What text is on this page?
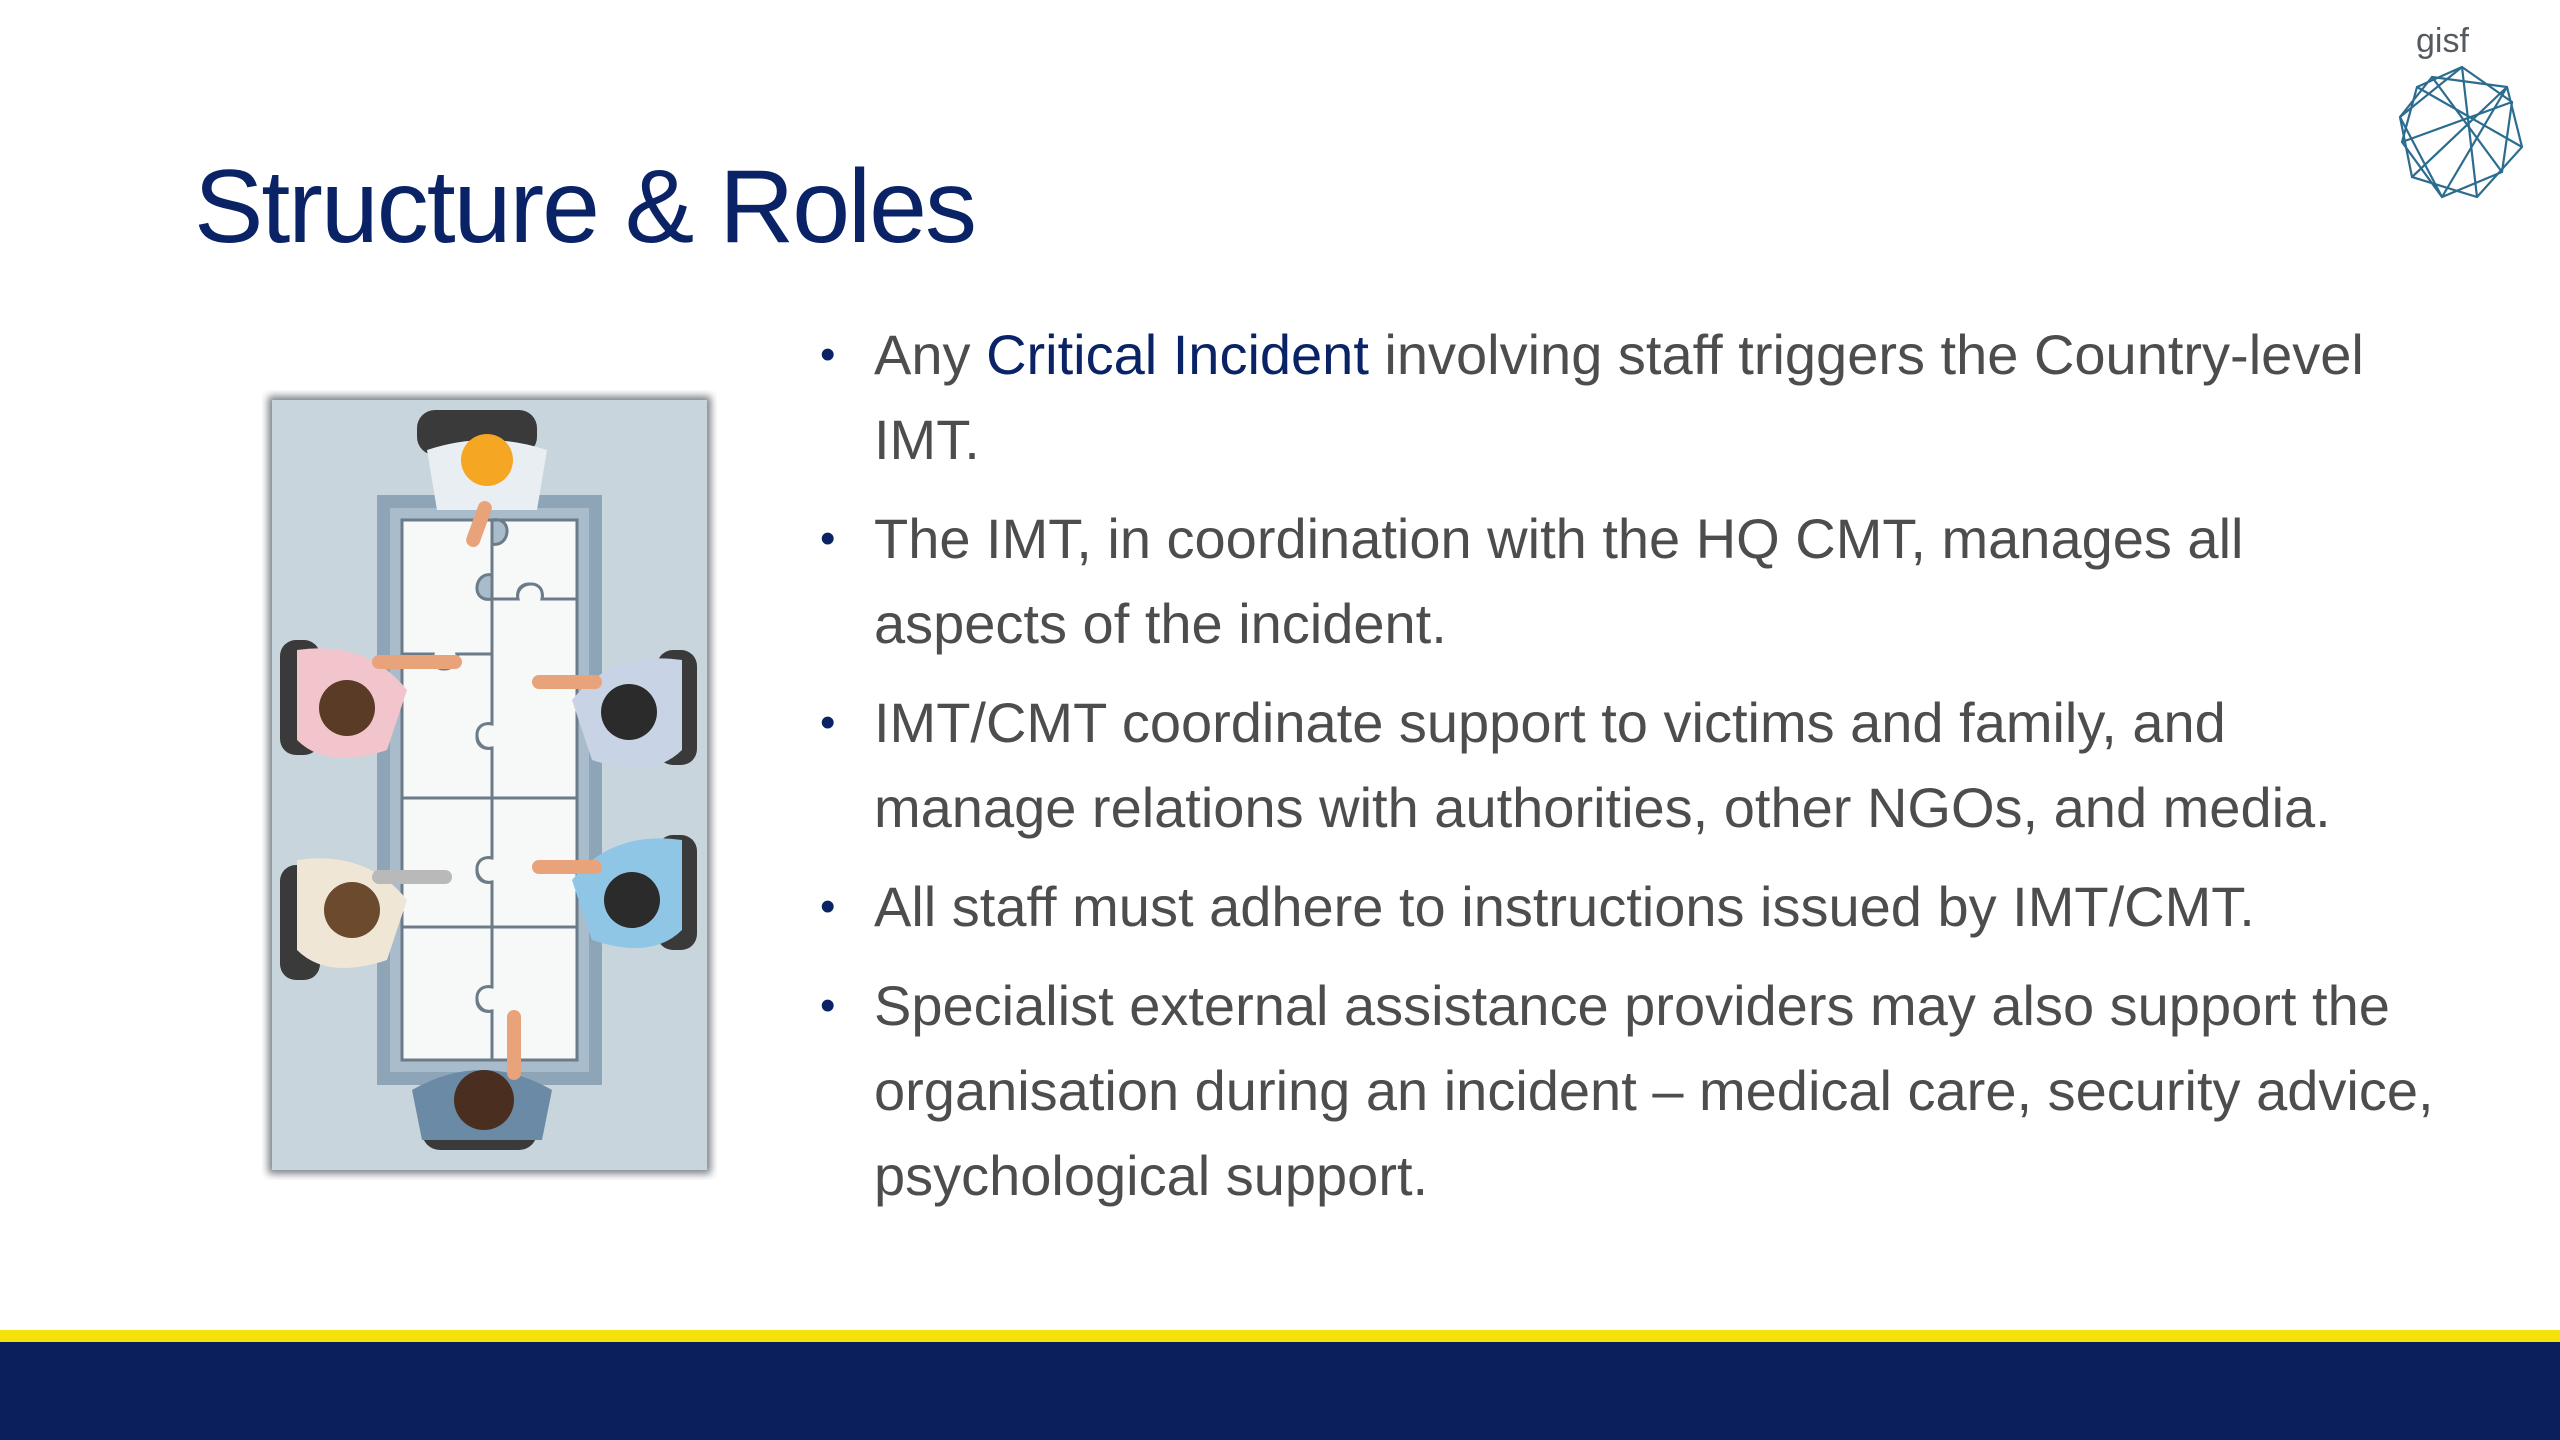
Structure & Roles
gisf
• Any Critical Incident involving staff triggers the Country-level IMT.
• The IMT, in coordination with the HQ CMT, manages all aspects of the incident.
• IMT/CMT coordinate support to victims and family, and manage relations with authorities, other NGOs, and media.
• All staff must adhere to instructions issued by IMT/CMT.
• Specialist external assistance providers may also support the organisation during an incident – medical care, security advice, psychological support.
